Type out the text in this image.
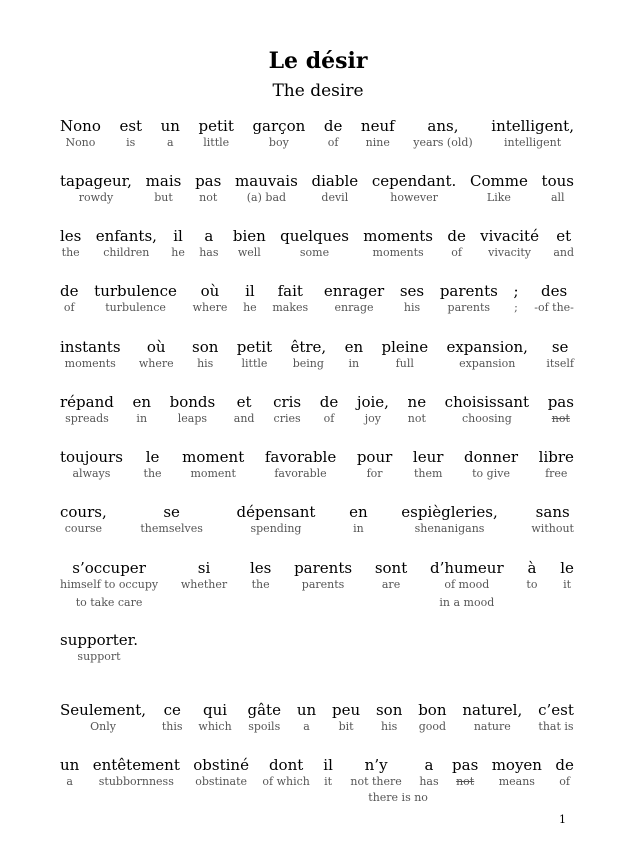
Le désir
The desire
Nono
Nono
est
is
un
a
petit
little
garçon
boy
de
of
neuf
nine
ans,
years (old)
intelligent,
intelligent
tapageur,
rowdy
mais
but
pas
not
mauvais
(a) bad
diable
devil
cependant.
however
Comme
Like
tous
all
les
the
enfants,
children
il
he
a
has
bien
well
quelques
some
moments
moments
de
of
vivacité
vivacity
et
and
de
of
turbulence
turbulence
où
where
il
he
fait
makes
enrager
enrage
ses
his
parents
parents
;
;
des
-of the-
instants
moments
où
where
son
his
petit
little
être,
being
en
in
pleine
full
expansion,
expansion
se
itself
répand
spreads
en
in
bonds
leaps
et
and
cris
cries
de
of
joie,
joy
ne
not
choisissant
choosing
pas
not
toujours
always
le
the
moment
moment
favorable
favorable
pour
for
leur
them
donner
to give
libre
free
cours,
course
se
themselves
dépensant
spending
en
in
espiègleries,
shenanigans
sans
without
s’occuper
himself to occupy
to take care
si
whether
les
the
parents
parents
sont
are
d’humeur
of mood
in a mood
à
to
le
it
supporter.
support
Seulement,
Only
ce
this
qui
which
gâte
spoils
un
a
peu
bit
son
his
bon
good
naturel,
nature
c’est
that is
un
a
entêtement
stubbornness
obstiné
obstinate
dont
of which
il
it
n’y
not there
there is no
a
has
pas
not
moyen
means
de
of
1
